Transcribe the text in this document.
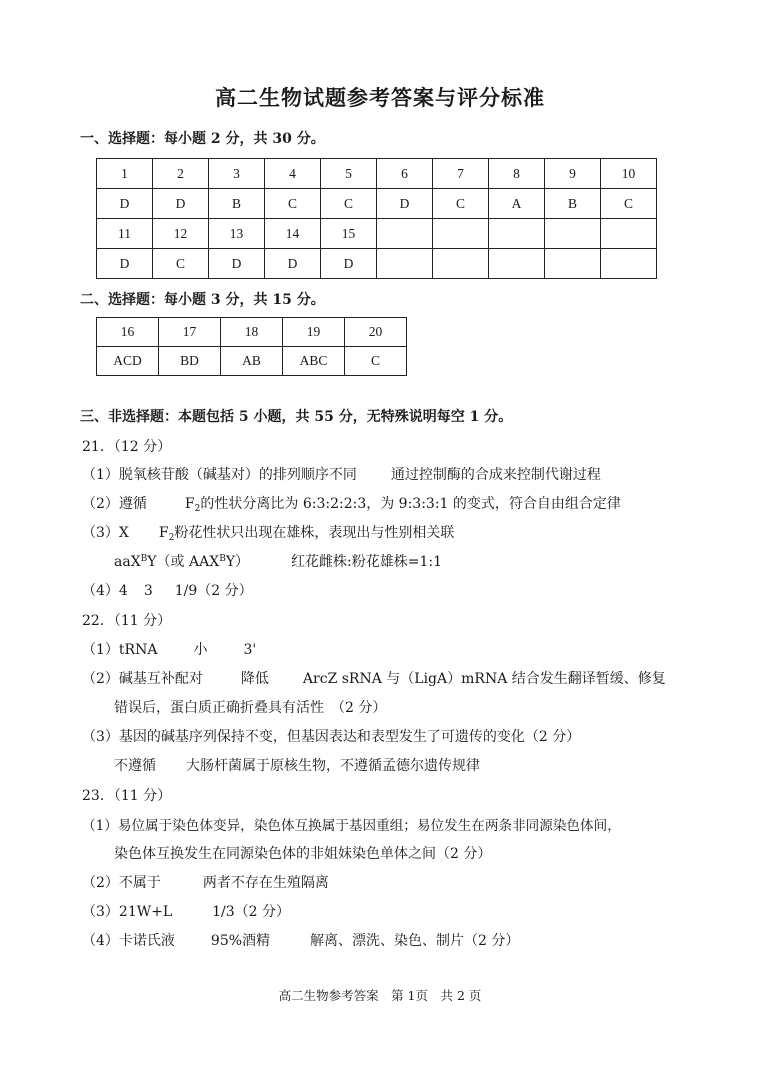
高二生物试题参考答案与评分标准
一、选择题：每小题 2 分，共 30 分。
1	2	3	4	5	6	7	8	9	10
D	D	B	C	C	D	C	A	B	C
11	12	13	14	15					
D	C	D	D	D					
二、选择题：每小题 3 分，共 15 分。
16	17	18	19	20
ACD	BD	AB	ABC	C
三、非选择题：本题包括 5 小题，共 55 分，无特殊说明每空 1 分。
21．（12 分）
（1）脱氧核苷酸（碱基对）的排列顺序不同 通过控制酶的合成来控制代谢过程
（2）遵循	$F_2$的性状分离比为 6:3:2:2:3，为 9:3:3:1 的变式，符合自由组合定律
（3）X $F_2$粉花性状只出现在雄株，表现出与性别相关联
aaX$^B$Y（或 $AAX^BY$）	红花雌株:粉花雄株=1:1
（4）4 3 1/9（2 分）
22．（11 分）
（1）tRNA	小	3'
（2）碱基互补配对	降低 ArcZ sRNA 与（LigA）mRNA 结合发生翻译暂缓、修复
错误后，蛋白质正确折叠具有活性　（2 分）
（3）基因的碱基序列保持不变，但基因表达和表型发生了可遗传的变化（2 分）
不遵循 大肠杆菌属于原核生物，不遵循孟德尔遗传规律
23．（11 分）
（1）易位属于染色体变异，染色体互换属于基因重组；易位发生在两条非同源染色体间，
染色体互换发生在同源染色体的非姐妹染色单体之间（2 分）
（2）不属于	两者不存在生殖隔离
（3）21W+L	1/3（2 分）
（4）卡诺氏液	95%酒精	解离、漂洗、染色、制片（2 分）
高二生物参考答案　第 1页　共 2 页
